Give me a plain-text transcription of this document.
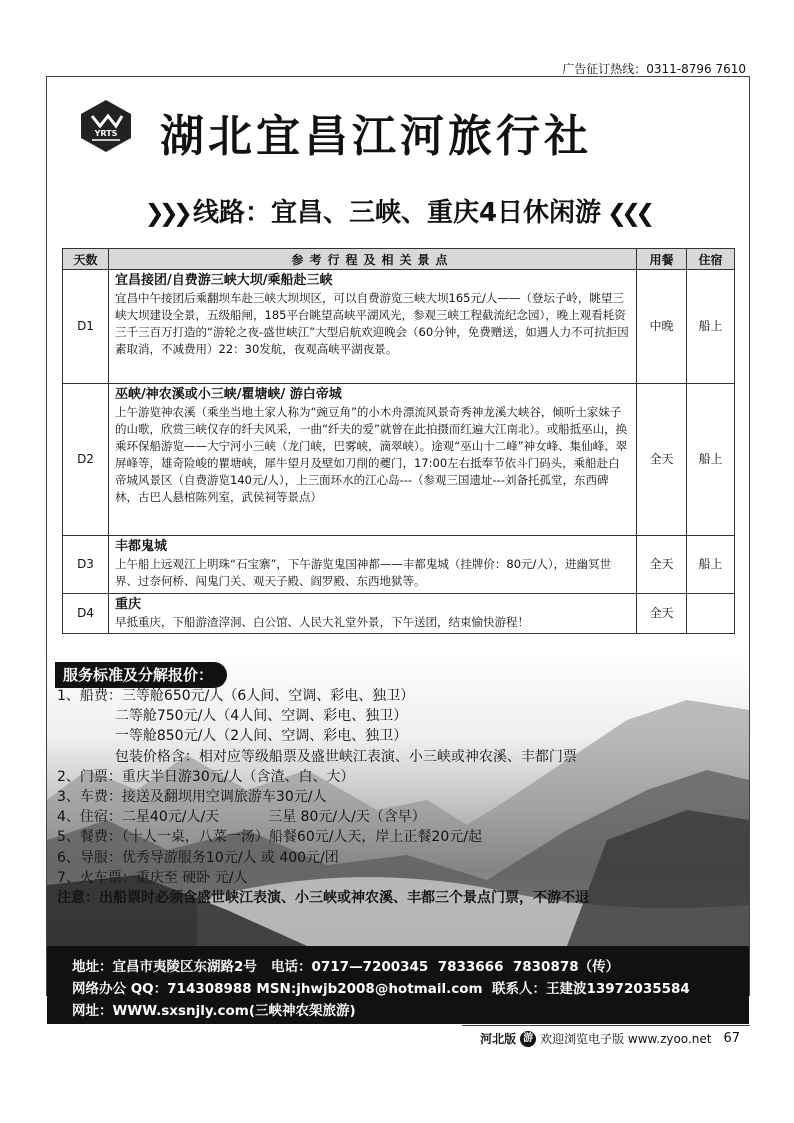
广告征订热线：0311-8796 7610
YRTS 湖北宜昌江河旅行社
❯❯❯ 线路：宜昌、三峡、重庆4日休闲游 ❮❮❮
天数	参考行程及相关景点	用餐	住宿
D1	宜昌接团/自费游三峡大坝/乘船赴三峡
宜昌中午接团后乘翻坝车赴三峡大坝坝区，可以自费游览三峡大坝165元/人——（登坛子岭，眺望三峡大坝建设全景，五级船闸，185平台眺望高峡平湖风光，参观三峡工程截流纪念园），晚上观看耗资三千三百万打造的“游轮之夜-盛世峡江”大型启航欢迎晚会（60分钟，免费赠送，如遇人力不可抗拒因素取消，不减费用）22：30发航，夜观高峡平湖夜景。	中晚	船上
D2	巫峡/神农溪或小三峡/瞿塘峡/ 游白帝城
上午游览神农溪（乘坐当地土家人称为“豌豆角”的小木舟漂流风景奇秀神龙溪大峡谷，倾听土家妹子的山歌，欣赏三峡仅存的纤夫风采，一曲“纤夫的爱”就曾在此拍摄而红遍大江南北）。或船抵巫山，换乘环保船游览——大宁河小三峡（龙门峡，巴雾峡，滴翠峡）。途观“巫山十二峰”神女峰、集仙峰、翠屏峰等，雄奇险峻的瞿塘峡，犀牛望月及壁如刀削的夔门，17:00左右抵奉节依斗门码头，乘船赴白帝城风景区（自费游览140元/人），上三面环水的江心岛---（参观三国遗址---刘备托孤堂，东西碑林，古巴人悬棺陈列室，武侯祠等景点）	全天	船上
D3	丰都鬼城
上午船上远观江上明珠“石宝寨”，下午游览鬼国神都——丰都鬼城（挂牌价：80元/人），进幽冥世界、过奈何桥、闯鬼门关、观天子殿、阎罗殿、东西地狱等。	全天	船上
D4	重庆
早抵重庆，下船游渣滓洞、白公馆、人民大礼堂外景，下午送团，结束愉快游程！	全天	
服务标准及分解报价：
1、船费：三等舱650元/人（6人间、空调、彩电、独卫）
二等舱750元/人（4人间、空调、彩电、独卫）
一等舱850元/人（2人间、空调、彩电、独卫）
包装价格含：相对应等级船票及盛世峡江表演、小三峡或神农溪、丰都门票
2、门票：重庆半日游30元/人（含渣、白、大）
3、车费：接送及翻坝用空调旅游车30元/人
4、住宿：二星40元/人/天           三星 80元/人/天（含早）
5、餐费：（十人一桌，八菜一汤）船餐60元/人天，岸上正餐20元/起
6、导服：优秀导游服务10元/人 或 400元/团
7、火车票：重庆至 硬卧 元/人
注意：出船票时必须含盛世峡江表演、小三峡或神农溪、丰都三个景点门票，不游不退
地址：宜昌市夷陵区东湖路2号   电话：0717—7200345  7833666  7830878（传）
网络办公 QQ：714308988 MSN:jhwjb2008@hotmail.com  联系人：王建波13972035584
网址：WWW.sxsnjly.com(三峡神农架旅游)
河北版 游 欢迎浏览电子版 www.zyoo.net 67
